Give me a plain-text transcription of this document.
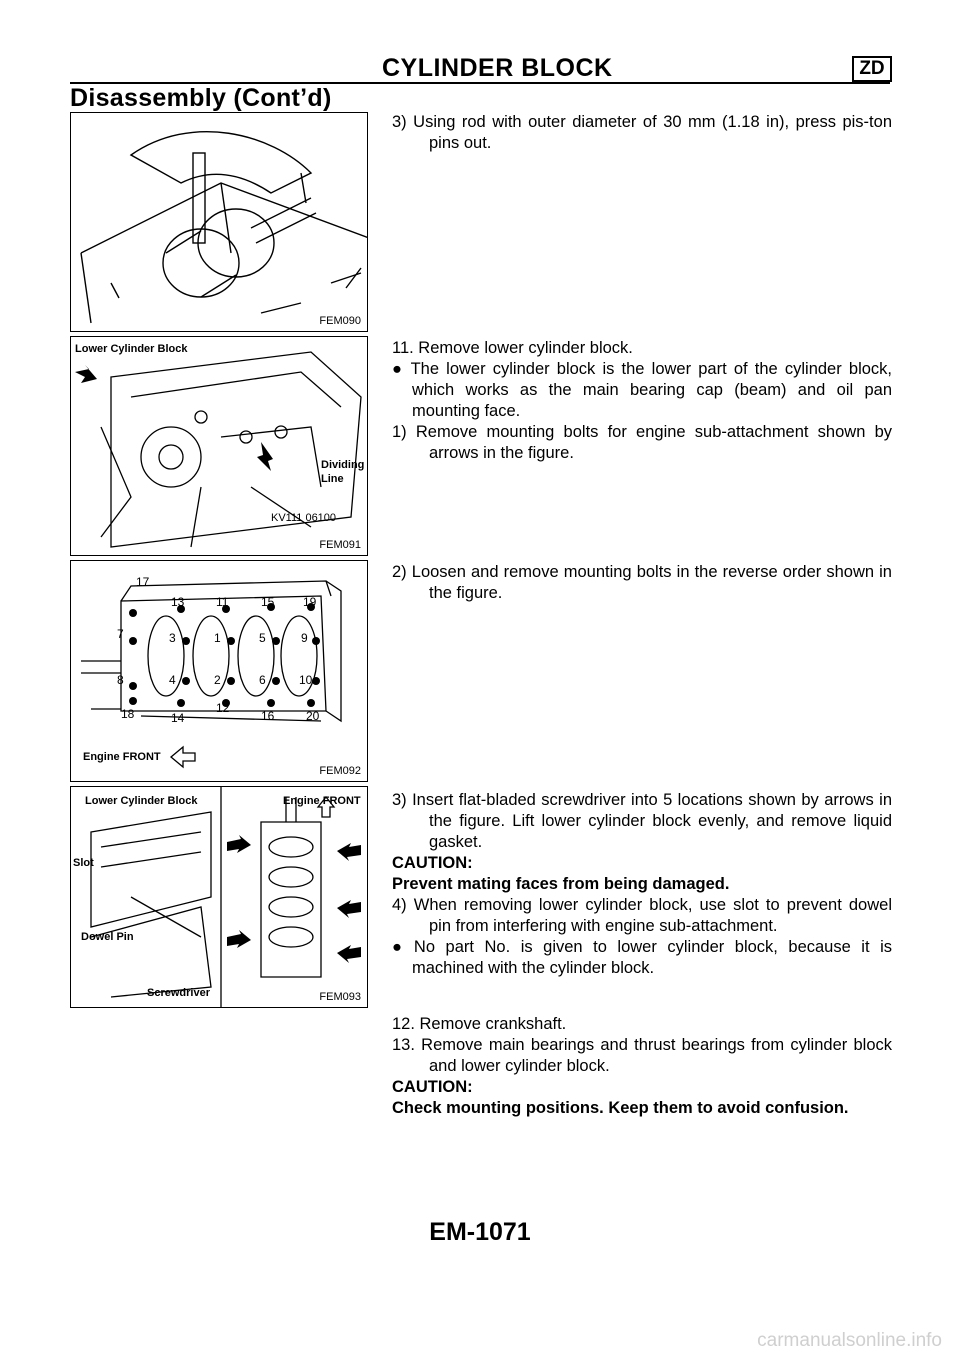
CYLINDER BLOCK	ZD
Disassembly (Cont’d)
FEM090
Lower Cylinder Block
Dividing
Line
KV111 06100
FEM091
17
13	11	15 19
7	3	1	5	9
8	4	2	6	10
18	14
12
16	20
Engine FRONT
FEM092
Lower Cylinder Block	Engine FRONT
Slot
Dowel Pin
Screwdriver	FEM093

3) Using rod with outer diameter of 30 mm (1.18 in), press pis-ton pins out.

11. Remove lower cylinder block.

● The lower cylinder block is the lower part of the cylinder block, which works as the main bearing cap (beam) and oil pan mounting face.

1) Remove mounting bolts for engine sub-attachment shown by arrows in the figure.

2) Loosen and remove mounting bolts in the reverse order shown in the figure.

3) Insert flat-bladed screwdriver into 5 locations shown by arrows in the figure. Lift lower cylinder block evenly, and remove liquid gasket.

CAUTION:

Prevent mating faces from being damaged.

4) When removing lower cylinder block, use slot to prevent dowel pin from interfering with engine sub-attachment.

● No part No. is given to lower cylinder block, because it is machined with the cylinder block.

12. Remove crankshaft.

13. Remove main bearings and thrust bearings from cylinder block and lower cylinder block.

CAUTION:

Check mounting positions. Keep them to avoid confusion.

EM-1071
carmanualsonline.info
